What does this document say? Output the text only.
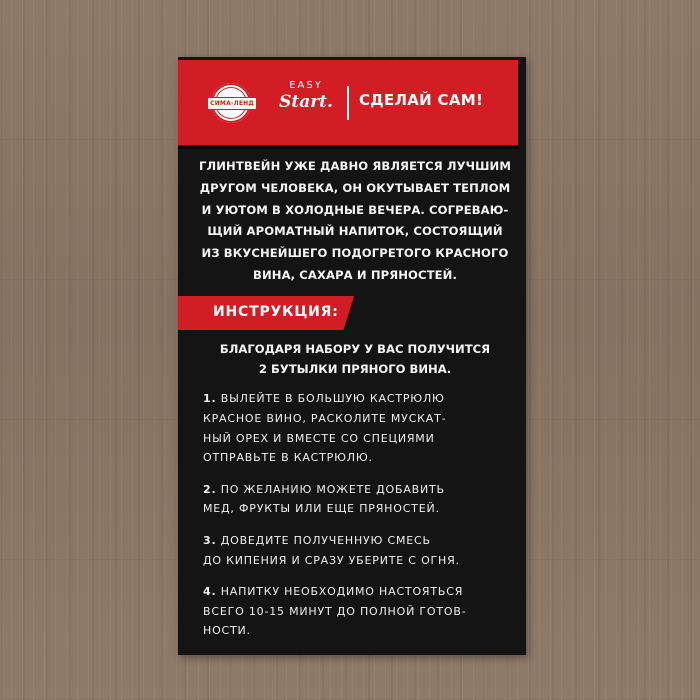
СИМА-ЛЕНД
EASY
Start. СДЕЛАЙ САМ!

ГЛИНТВЕЙН УЖЕ ДАВНО ЯВЛЯЕТСЯ ЛУЧШИМ
ДРУГОМ ЧЕЛОВЕКА, ОН ОКУТЫВАЕТ ТЕПЛОМ
И УЮТОМ В ХОЛОДНЫЕ ВЕЧЕРА. СОГРЕВАЮ-
ЩИЙ АРОМАТНЫЙ НАПИТОК, СОСТОЯЩИЙ
ИЗ ВКУСНЕЙШЕГО ПОДОГРЕТОГО КРАСНОГО
ВИНА, САХАРА И ПРЯНОСТЕЙ.

ИНСТРУКЦИЯ:

БЛАГОДАРЯ НАБОРУ У ВАС ПОЛУЧИТСЯ
2 БУТЫЛКИ ПРЯНОГО ВИНА.

1. ВЫЛЕЙТЕ В БОЛЬШУЮ КАСТРЮЛЮ
КРАСНОЕ ВИНО, РАСКОЛИТЕ МУСКАТ-
НЫЙ ОРЕХ И ВМЕСТЕ СО СПЕЦИЯМИ
ОТПРАВЬТЕ В КАСТРЮЛЮ.

2. ПО ЖЕЛАНИЮ МОЖЕТЕ ДОБАВИТЬ
МЕД, ФРУКТЫ ИЛИ ЕЩЕ ПРЯНОСТЕЙ.

3. ДОВЕДИТЕ ПОЛУЧЕННУЮ СМЕСЬ
ДО КИПЕНИЯ И СРАЗУ УБЕРИТЕ С ОГНЯ.

4. НАПИТКУ НЕОБХОДИМО НАСТОЯТЬСЯ
ВСЕГО 10-15 МИНУТ ДО ПОЛНОЙ ГОТОВ-
НОСТИ.
